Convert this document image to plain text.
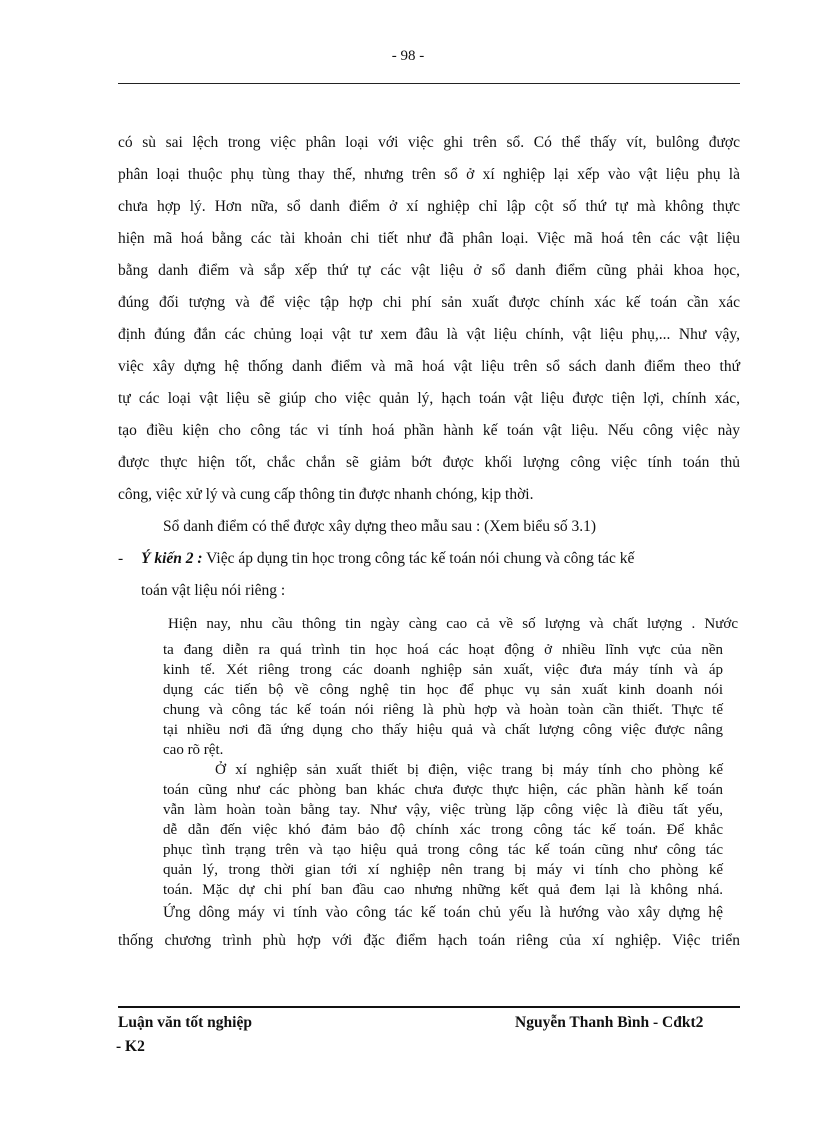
- 98 -
có sù sai lệch trong việc phân loại với việc ghi trên sổ. Có thể thấy vít, bulông được
phân loại thuộc phụ tùng thay thế, nhưng trên sổ ở xí nghiệp lại xếp vào vật liệu phụ là
chưa hợp lý. Hơn nữa, sổ danh điểm ở xí nghiệp chỉ lập cột số thứ tự mà không thực
hiện mã hoá bằng các tài khoản chi tiết như đã phân loại. Việc mã hoá tên các vật liệu
bằng danh điểm và sắp xếp thứ tự các vật liệu ở sổ danh điểm cũng phải khoa học,
đúng đối tượng và để việc tập hợp chi phí sản xuất được chính xác kế toán cần xác
định đúng đắn các chủng loại vật tư xem đâu là vật liệu chính, vật liệu phụ,... Như vậy,
việc xây dựng hệ thống danh điểm và mã hoá vật liệu trên sổ sách danh điểm theo thứ
tự các loại vật liệu sẽ giúp cho việc quản lý, hạch toán vật liệu được tiện lợi, chính xác,
tạo điều kiện cho công tác vi tính hoá phần hành kế toán vật liệu. Nếu công việc này
được thực hiện tốt, chắc chắn sẽ giảm bớt được khối lượng công việc tính toán thủ
công, việc xử lý và cung cấp thông tin được nhanh chóng, kịp thời.
Sổ danh điểm có thể được xây dựng theo mẫu sau : (Xem biểu số 3.1)
- Ý kiến 2 : Việc áp dụng tin học trong công tác kế toán nói chung và công tác kế
toán vật liệu nói riêng :
Hiện nay, nhu cầu thông tin ngày càng cao cả về số lượng và chất lượng . Nước
ta đang diễn ra quá trình tin học hoá các hoạt động ở nhiều lĩnh vực của nền
kinh tế. Xét riêng trong các doanh nghiệp sản xuất, việc đưa máy tính và áp
dụng các tiến bộ về công nghệ tin học để phục vụ sản xuất kinh doanh nói
chung và công tác kế toán nói riêng là phù hợp và hoàn toàn cần thiết. Thực tế
tại nhiều nơi đã ứng dụng cho thấy hiệu quả và chất lượng công việc được nâng
cao rõ rệt.
Ở xí nghiệp sản xuất thiết bị điện, việc trang bị máy tính cho phòng kế
toán cũng như các phòng ban khác chưa được thực hiện, các phần hành kế toán
vẫn làm hoàn toàn bằng tay. Như vậy, việc trùng lặp công việc là điều tất yếu,
dễ dẫn đến việc khó đảm bảo độ chính xác trong công tác kế toán. Để khắc
phục tình trạng trên và tạo hiệu quả trong công tác kế toán cũng như công tác
quản lý, trong thời gian tới xí nghiệp nên trang bị máy vi tính cho phòng kế
toán. Mặc dự chi phí ban đầu cao nhưng những kết quả đem lại là không nhá.
Ứng dông máy vi tính vào công tác kế toán chủ yếu là hướng vào xây dựng hệ
thống chương trình phù hợp với đặc điểm hạch toán riêng của xí nghiệp. Việc triển
Luận văn tốt nghiệp
- K2
Nguyễn Thanh Bình - Cđkt2
